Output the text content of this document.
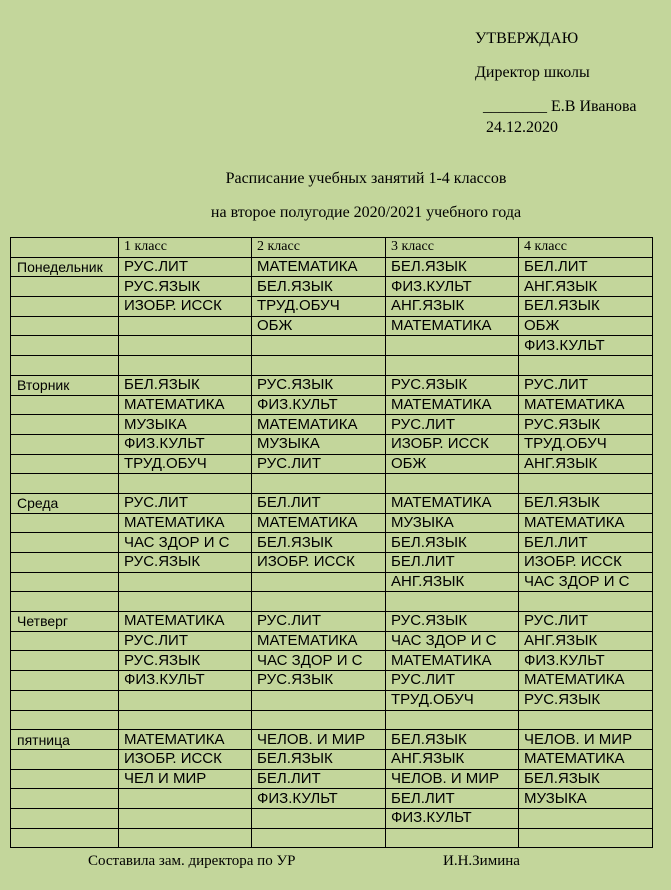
УТВЕРЖДАЮ
Директор школы
________ Е.В Иванова
24.12.2020
Расписание учебных занятий 1-4 классов
на второе полугодие 2020/2021 учебного года
	1 класс	2 класс	3 класс	4 класс
Понедельник	РУС.ЛИТ	МАТЕМАТИКА	БЕЛ.ЯЗЫК	БЕЛ.ЛИТ
	РУС.ЯЗЫК	БЕЛ.ЯЗЫК	ФИЗ.КУЛЬТ	АНГ.ЯЗЫК
	ИЗОБР. ИССК	ТРУД.ОБУЧ	АНГ.ЯЗЫК	БЕЛ.ЯЗЫК
		ОБЖ	МАТЕМАТИКА	ОБЖ
				ФИЗ.КУЛЬТ

Вторник	БЕЛ.ЯЗЫК	РУС.ЯЗЫК	РУС.ЯЗЫК	РУС.ЛИТ
	МАТЕМАТИКА	ФИЗ.КУЛЬТ	МАТЕМАТИКА	МАТЕМАТИКА
	МУЗЫКА	МАТЕМАТИКА	РУС.ЛИТ	РУС.ЯЗЫК
	ФИЗ.КУЛЬТ	МУЗЫКА	ИЗОБР. ИССК	ТРУД.ОБУЧ
	ТРУД.ОБУЧ	РУС.ЛИТ	ОБЖ	АНГ.ЯЗЫК

Среда	РУС.ЛИТ	БЕЛ.ЛИТ	МАТЕМАТИКА	БЕЛ.ЯЗЫК
	МАТЕМАТИКА	МАТЕМАТИКА	МУЗЫКА	МАТЕМАТИКА
	ЧАС ЗДОР И С	БЕЛ.ЯЗЫК	БЕЛ.ЯЗЫК	БЕЛ.ЛИТ
	РУС.ЯЗЫК	ИЗОБР. ИССК	БЕЛ.ЛИТ	ИЗОБР. ИССК
			АНГ.ЯЗЫК	ЧАС ЗДОР И С

Четверг	МАТЕМАТИКА	РУС.ЛИТ	РУС.ЯЗЫК	РУС.ЛИТ
	РУС.ЛИТ	МАТЕМАТИКА	ЧАС ЗДОР И С	АНГ.ЯЗЫК
	РУС.ЯЗЫК	ЧАС ЗДОР И С	МАТЕМАТИКА	ФИЗ.КУЛЬТ
	ФИЗ.КУЛЬТ	РУС.ЯЗЫК	РУС.ЛИТ	МАТЕМАТИКА
			ТРУД.ОБУЧ	РУС.ЯЗЫК

пятница	МАТЕМАТИКА	ЧЕЛОВ. И МИР	БЕЛ.ЯЗЫК	ЧЕЛОВ. И МИР
	ИЗОБР. ИССК	БЕЛ.ЯЗЫК	АНГ.ЯЗЫК	МАТЕМАТИКА
	ЧЕЛ И МИР	БЕЛ.ЛИТ	ЧЕЛОВ. И МИР	БЕЛ.ЯЗЫК
		ФИЗ.КУЛЬТ	БЕЛ.ЛИТ	МУЗЫКА
			ФИЗ.КУЛЬТ	

Составила зам. директора по УР	И.Н.Зимина
